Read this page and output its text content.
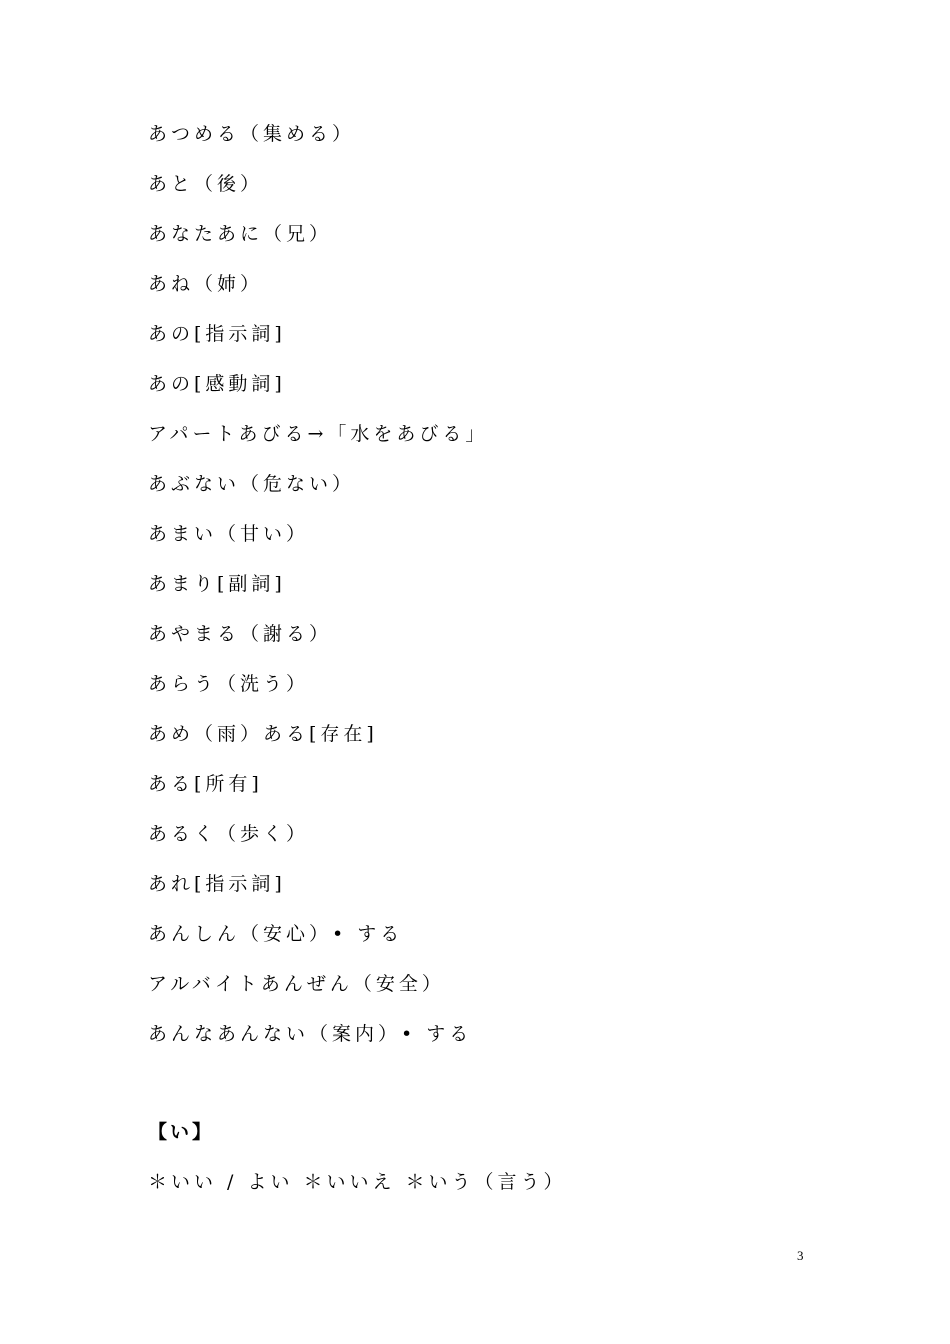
あつめる（集める）
あと（後）
あなたあに（兄）
あね（姉）
あの[指示詞]
あの[感動詞]
アパートあびる→「水をあびる」
あぶない（危ない）
あまい（甘い）
あまり[副詞]
あやまる（謝る）
あらう（洗う）
あめ（雨）ある[存在]
ある[所有]
あるく（歩く）
あれ[指示詞]
あんしん（安心）• する
アルバイトあんぜん（安全）
あんなあんない（案内）• する
【い】
＊いい / よい ＊いいえ ＊いう（言う）
3
